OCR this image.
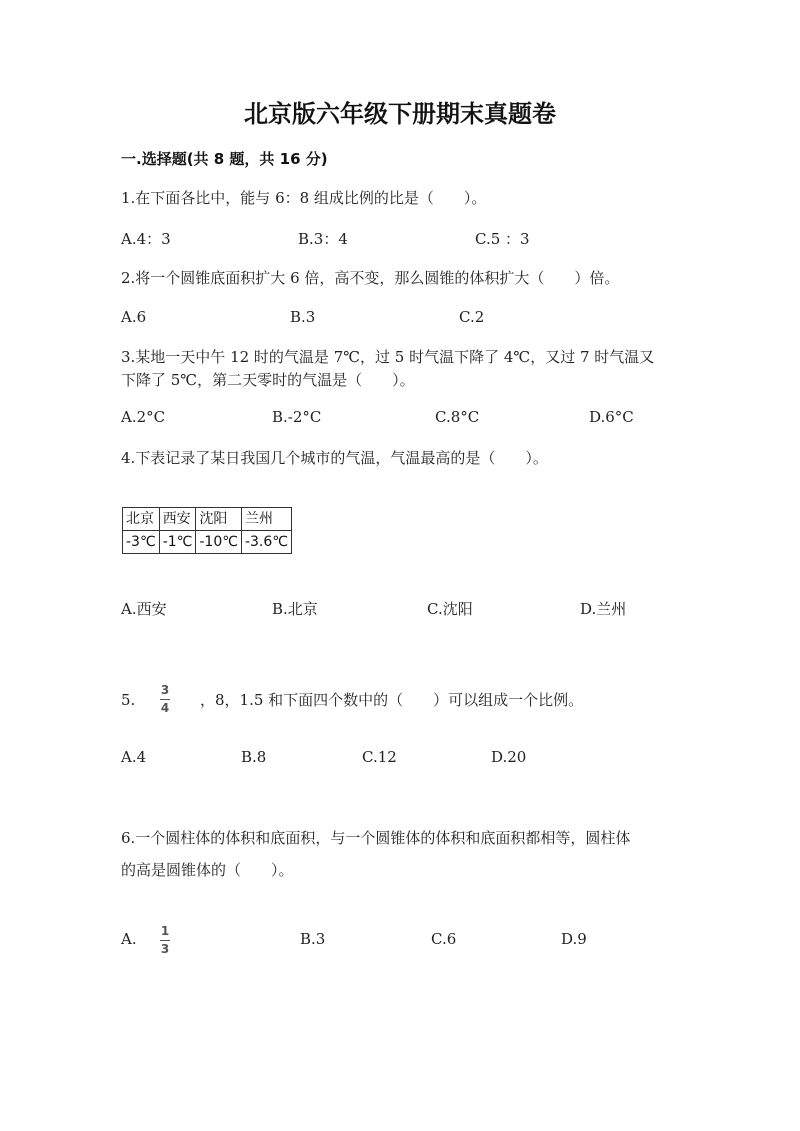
北京版六年级下册期末真题卷
一.选择题(共 8 题，共 16 分)
1.在下面各比中，能与 6：8 组成比例的比是（　　）。
A.4：3	B.3：4	C.5 ：3
2.将一个圆锥底面积扩大 6 倍，高不变，那么圆锥的体积扩大（　　）倍。
A.6	B.3	C.2
3.某地一天中午 12 时的气温是 7℃，过 5 时气温下降了 4℃，又过 7 时气温又
下降了 5℃，第二天零时的气温是（　　）。
A.2°C	B.-2°C	C.8°C	D.6°C
4.下表记录了某日我国几个城市的气温，气温最高的是（　　）。
北京	西安	沈阳	兰州
-3℃	-1℃	-10℃	-3.6℃
A.西安	B.北京	C.沈阳	D.兰州
5.
3
4 ，8，1.5 和下面四个数中的（　　）可以组成一个比例。
A.4	B.8	C.12	D.20
6.一个圆柱体的体积和底面积，与一个圆锥体的体积和底面积都相等，圆柱体
的高是圆锥体的（　　）。
A. 1
3
B.3	C.6	D.9
